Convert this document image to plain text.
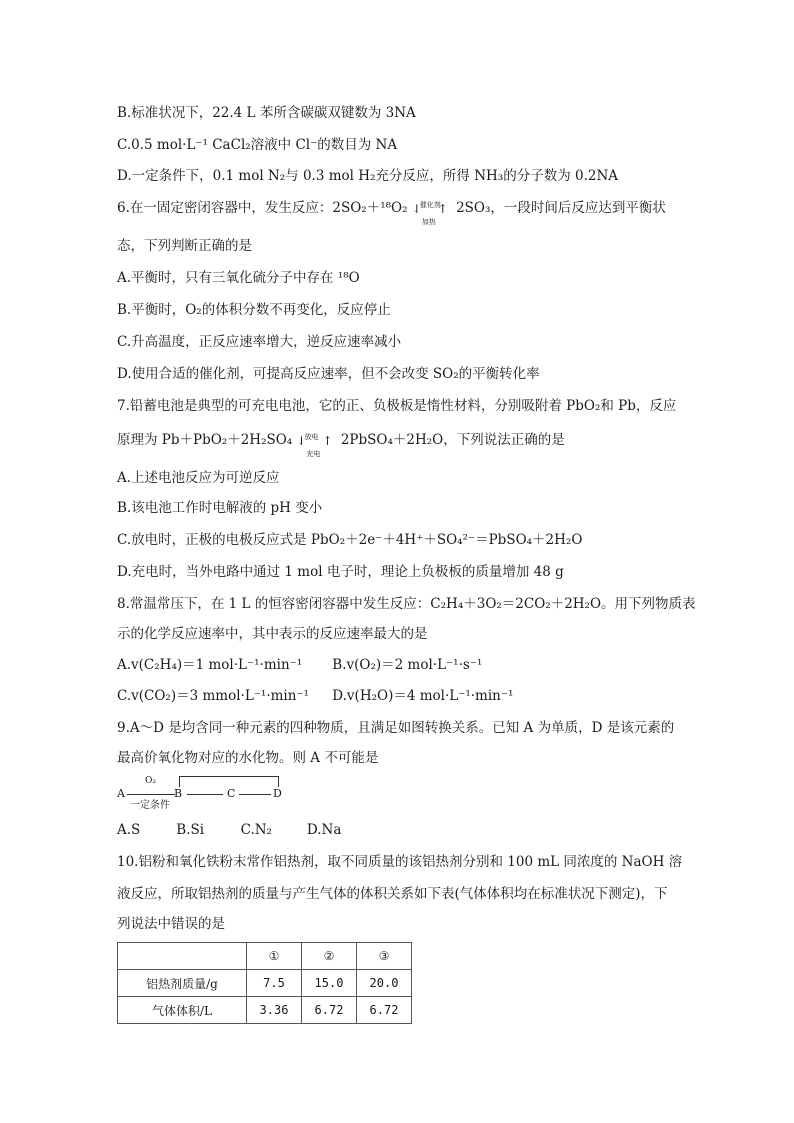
B.标准状况下，22.4 L 苯所含碳碳双键数为 3NA
C.0.5 mol·L⁻¹ CaCl₂溶液中 Cl⁻的数目为 NA
D.一定条件下，0.1 mol N₂与 0.3 mol H₂充分反应，所得 NH₃的分子数为 0.2NA
6.在一固定密闭容器中，发生反应：2SO₂＋¹⁸O₂ ⇃
催化剂
加热
↑ 2SO₃，一段时间后反应达到平衡状
态，下列判断正确的是
A.平衡时，只有三氧化硫分子中存在 ¹⁸O
B.平衡时，O₂的体积分数不再变化，反应停止
C.升高温度，正反应速率增大，逆反应速率减小
D.使用合适的催化剂，可提高反应速率，但不会改变 SO₂的平衡转化率
7.铅蓄电池是典型的可充电电池，它的正、负极板是惰性材料，分别吸附着 PbO₂和 Pb，反应
原理为 Pb＋PbO₂＋2H₂SO₄ ⇃
放电
充电
↑ 2PbSO₄＋2H₂O，下列说法正确的是
A.上述电池反应为可逆反应
B.该电池工作时电解液的 pH 变小
C.放电时，正极的电极反应式是 PbO₂＋2e⁻＋4H⁺＋SO₄²⁻＝PbSO₄＋2H₂O
D.充电时，当外电路中通过 1 mol 电子时，理论上负极板的质量增加 48 g
8.常温常压下，在 1 L 的恒容密闭容器中发生反应：C₂H₄＋3O₂＝2CO₂＋2H₂O。用下列物质表
示的化学反应速率中，其中表示的反应速率最大的是
A.v(C₂H₄)＝1 mol·L⁻¹·min⁻¹ B.v(O₂)＝2 mol·L⁻¹·s⁻¹
C.v(CO₂)＝3 mmol·L⁻¹·min⁻¹ D.v(H₂O)＝4 mol·L⁻¹·min⁻¹
9.A～D 是均含同一种元素的四种物质，且满足如图转换关系。已知 A 为单质，D 是该元素的
最高价氧化物对应的水化物。则 A 不可能是
A
O₂
一定条件
B	C	D
A.S	B.Si	C.N₂	D.Na
10.铝粉和氧化铁粉末常作铝热剂，取不同质量的该铝热剂分别和 100 mL 同浓度的 NaOH 溶
液反应，所取铝热剂的质量与产生气体的体积关系如下表(气体体积均在标准状况下测定)，下
列说法中错误的是
	①	②	③
铝热剂质量/g	7.5	15.0	20.0
气体体积/L	3.36	6.72	6.72
